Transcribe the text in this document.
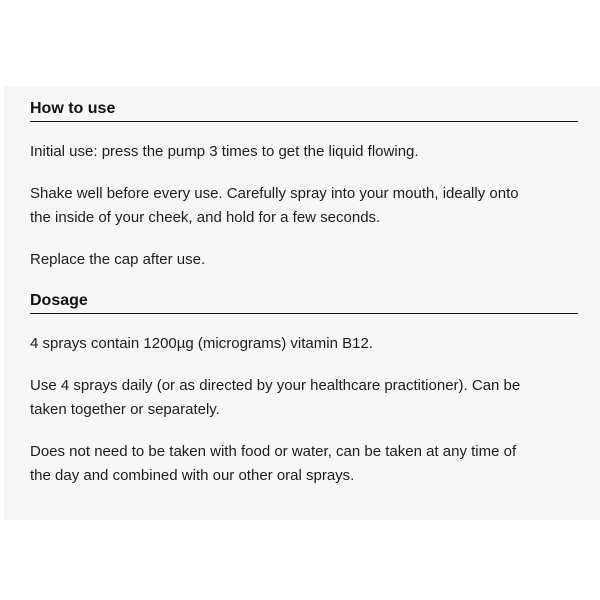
How to use

Initial use: press the pump 3 times to get the liquid flowing.

Shake well before every use. Carefully spray into your mouth, ideally onto
the inside of your cheek, and hold for a few seconds.

Replace the cap after use.

Dosage

4 sprays contain 1200µg (micrograms) vitamin B12.

Use 4 sprays daily (or as directed by your healthcare practitioner). Can be
taken together or separately.

Does not need to be taken with food or water, can be taken at any time of
the day and combined with our other oral sprays.
